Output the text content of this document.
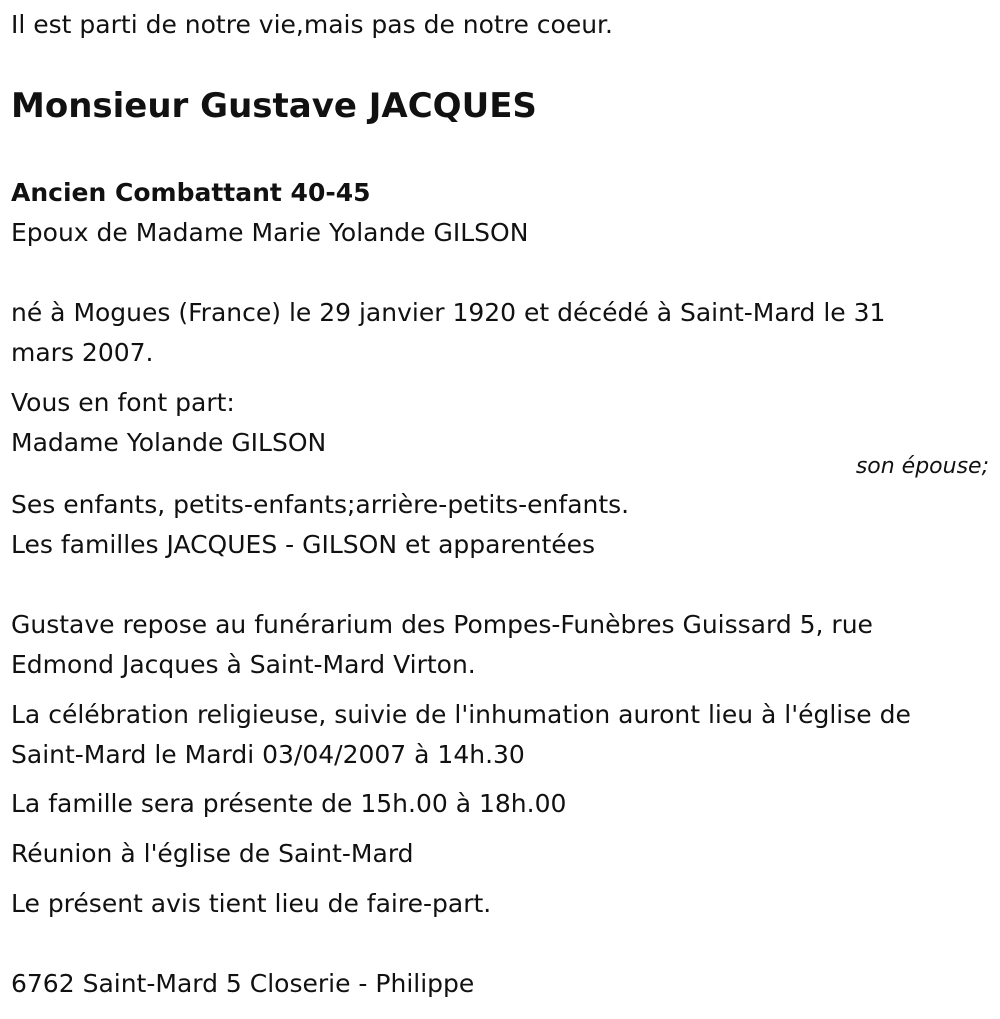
Il est parti de notre vie,mais pas de notre coeur.
Monsieur Gustave JACQUES
Ancien Combattant 40-45
Epoux de Madame Marie Yolande GILSON
né à Mogues (France) le 29 janvier 1920 et décédé à Saint-Mard le 31
mars 2007.
Vous en font part:
Madame Yolande GILSON
son épouse;
Ses enfants, petits-enfants;arrière-petits-enfants.
Les familles JACQUES - GILSON et apparentées
Gustave repose au funérarium des Pompes-Funèbres Guissard 5, rue
Edmond Jacques à Saint-Mard Virton.
La célébration religieuse, suivie de l'inhumation auront lieu à l'église de
Saint-Mard le Mardi 03/04/2007 à 14h.30
La famille sera présente de 15h.00 à 18h.00
Réunion à l'église de Saint-Mard
Le présent avis tient lieu de faire-part.
6762 Saint-Mard 5 Closerie - Philippe
